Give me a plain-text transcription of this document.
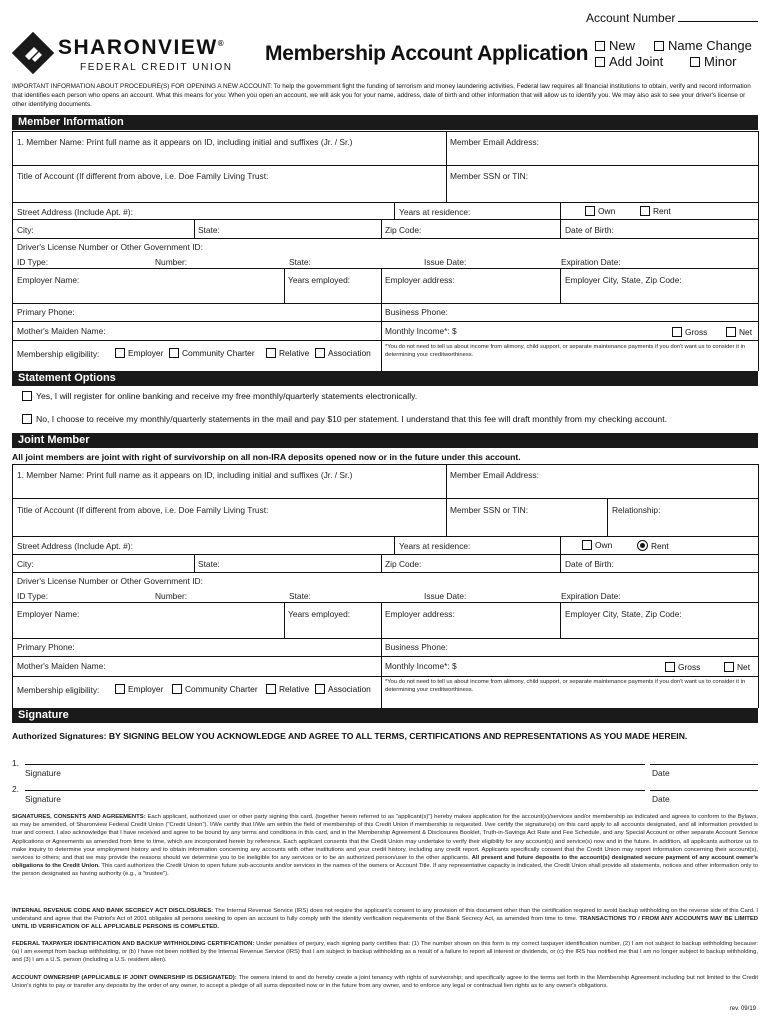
Account Number
SHARONVIEW®
FEDERAL CREDIT UNION
Membership Account Application New	Name Change
Add Joint	Minor
IMPORTANT INFORMATION ABOUT PROCEDURE(S) FOR OPENING A NEW ACCOUNT: To help the government fight the funding of terrorism and money laundering activities, Federal law requires all financial institutions to obtain, verify and record information that identifies each person who opens an account. What this means for you: When you open an account, we will ask you for your name, address, date of birth and other information that will allow us to identify you. We may also ask to see your driver's license or other identifying documents.
Member Information
1. Member Name: Print full name as it appears on ID, including initial and suffixes (Jr. / Sr.)	Member Email Address:
Title of Account (If different from above, i.e. Doe Family Living Trust:	Member SSN or TIN:
Street Address (Include Apt. #):	Years at residence:	Own	Rent
City:	State:	Zip Code:	Date of Birth:
Driver's License Number or Other Government ID:
ID Type:	Number:	State:	Issue Date:	Expiration Date:
Employer Name:	Years employed:	Employer address:	Employer City, State, Zip Code:
Primary Phone:	Business Phone:
Mother's Maiden Name:	Monthly Income*: $	Gross	Net
Membership eligibility:	Employer Community Charter	Relative Association
*You do not need to tell us about income from alimony, child support, or separate maintenance payments if you don't want us to consider it in determining your creditworthiness.
Statement Options
Yes, I will register for online banking and receive my free monthly/quarterly statements electronically.
No, I choose to receive my monthly/quarterly statements in the mail and pay $10 per statement. I understand that this fee will draft monthly from my checking account.
Joint Member
All joint members are joint with right of survivorship on all non-IRA deposits opened now or in the future under this account.
1. Member Name: Print full name as it appears on ID, including initial and suffixes (Jr. / Sr.)	Member Email Address:
Title of Account (If different from above, i.e. Doe Family Living Trust:	Member SSN or TIN:	Relationship:
Street Address (Include Apt. #):	Years at residence:	Own	Rent
City:	State:	Zip Code:	Date of Birth:
Driver's License Number or Other Government ID:
ID Type:	Number:	State:	Issue Date:	Expiration Date:
Employer Name:	Years employed:	Employer address:	Employer City, State, Zip Code:
Primary Phone:	Business Phone:
Mother's Maiden Name:	Monthly Income*: $	Gross	Net
Membership eligibility:	Employer	Community Charter	Relative Association
*You do not need to tell us about income from alimony, child support, or separate maintenance payments if you don't want us to consider it in determining your creditworthiness.
Signature
Authorized Signatures: BY SIGNING BELOW YOU ACKNOWLEDGE AND AGREE TO ALL TERMS, CERTIFICATIONS AND REPRESENTATIONS AS YOU MADE HEREIN.
1.
Signature	Date
2.
Signature	Date
SIGNATURES, CONSENTS AND AGREEMENTS: Each applicant, authorized user or other party signing this card, (together herein referred to as "applicant(s)") hereby makes application for the account(s)/services and/or membership as indicated and agrees to conform to the Bylaws, as may be amended, of Sharonview Federal Credit Union ("Credit Union"). I/We certify that I/We am within the field of membership of this Credit Union if membership is requested. I/we certify the signature(s) on this card apply to all accounts designated, and all information provided is true and correct. I also acknowledge that I have received and agree to be bound by any terms and conditions in this card, and in the Membership Agreement & Disclosures Booklet, Truth-in-Savings Act Rate and Fee Schedule, and any Special Account or other separate Account Service Applications or Agreements as amended from time to time, which are incorporated herein by reference. Each applicant consents that the Credit Union may undertake to verify their eligibility for any account(s) and service(s) now and in the future. In addition, all applicants authorize us to make inquiry to determine your employment history and to obtain information concerning any accounts with other institutions and your credit history, including any credit report. Applicants specifically consent that the Credit Union may report information concerning their account(s), services to others; and that we may provide the reasons should we determine you to be ineligible for any services or to be an authorized person/user to the other applicants. All present and future deposits to the account(s) designated secure payment of any account owner's obligations to the Credit Union. This card authorizes the Credit Union to open future sub-accounts and/or services in the names of the owners or Account Title. If any representative capacity is indicated, the Credit Union shall provide all statements, notices and other information only to the person designated as having authority (e.g., a "trustee").
INTERNAL REVENUE CODE AND BANK SECRECY ACT DISCLOSURES: The Internal Revenue Service (IRS) does not require the applicant's consent to any provision of this document other than the certification required to avoid backup withholding on the reverse side of this Card. I understand and agree that the Patriot's Act of 2001 obligates all persons seeking to open an account to fully comply with the identity verification requirements of the Bank Secrecy Act, as amended from time to time. TRANSACTIONS TO / FROM ANY ACCOUNTS MAY BE LIMITED UNTIL ID VERIFICATION OF ALL APPLICABLE PERSONS IS COMPLETED.
FEDERAL TAXPAYER IDENTIFICATION AND BACKUP WITHHOLDING CERTIFICATION: Under penalties of perjury, each signing party certifies that: (1) The number shown on this form is my correct taxpayer identification number, (2) I am not subject to backup withholding because: (a) I am exempt from backup withholding, or (b) I have not been notified by the Internal Revenue Service (IRS) that I am subject to backup withholding as a result of a failure to report all interest or dividends, or (c) the IRS has notified me that I am no longer subject to backup withholding, and (3) I am a U.S. person (including a U.S. resident alien).
ACCOUNT OWNERSHIP (APPLICABLE IF JOINT OWNERSHIP IS DESIGNATED): The owners intend to and do hereby create a joint tenancy with rights of survivorship; and specifically agree to the terms set forth in the Membership Agreement including but not limited to the Credit Union's rights to pay or transfer any deposits by the order of any owner, to accept a pledge of all sums deposited now or in the future from any owner, and to enforce any legal or contractual lien rights as to any owner's obligations.
rev. 09/19
